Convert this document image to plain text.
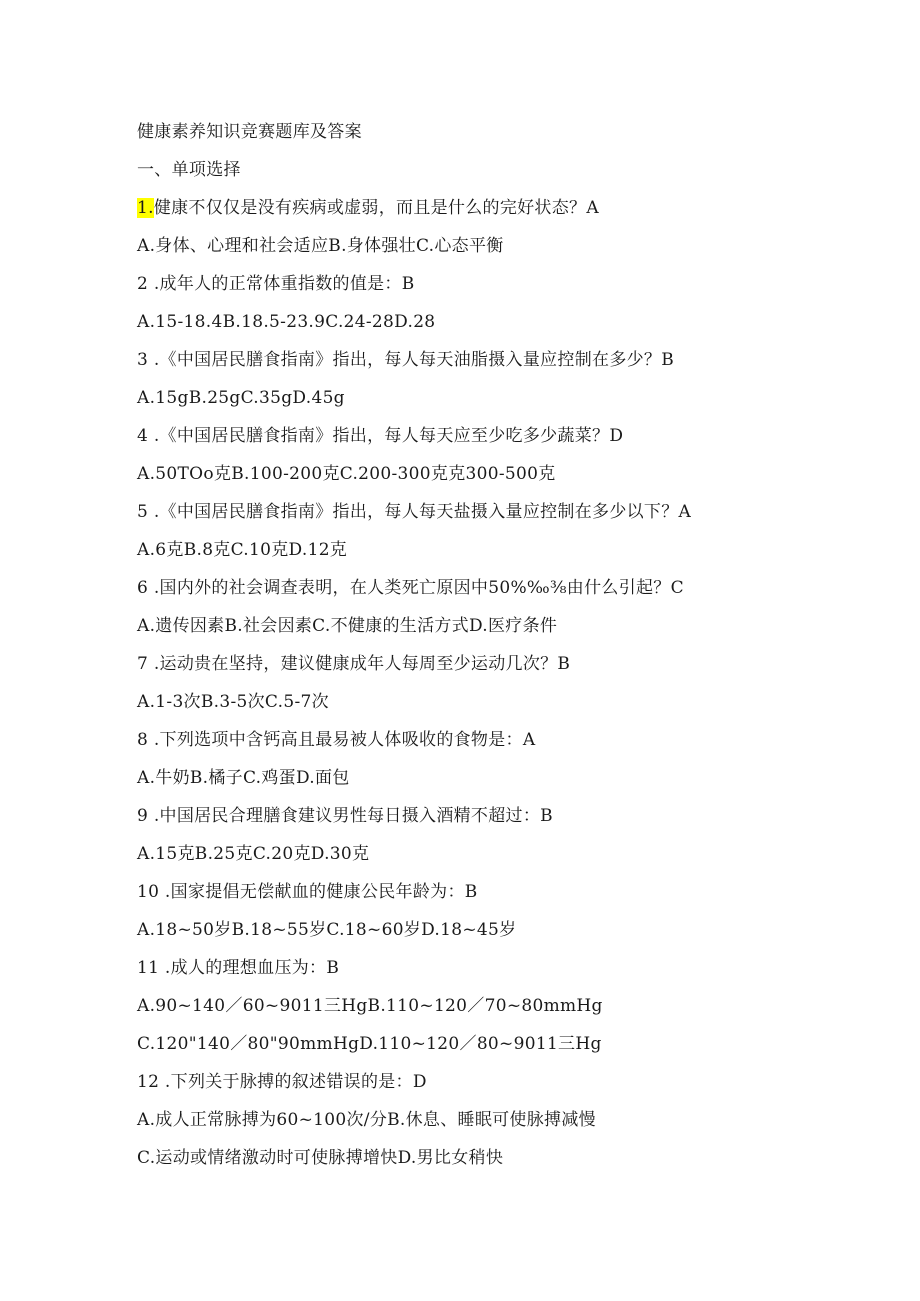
健康素养知识竞赛题库及答案
一、单项选择
1.健康不仅仅是没有疾病或虚弱，而且是什么的完好状态？A
A.身体、心理和社会适应B.身体强壮C.心态平衡
2 .成年人的正常体重指数的值是：B
A.15-18.4B.18.5-23.9C.24-28D.28
3 .《中国居民膳食指南》指出，每人每天油脂摄入量应控制在多少？B
A.15gB.25gC.35gD.45g
4 .《中国居民膳食指南》指出，每人每天应至少吃多少蔬菜？D
A.50TOo克B.100-200克C.200-300克克300-500克
5 .《中国居民膳食指南》指出，每人每天盐摄入量应控制在多少以下？A
A.6克B.8克C.10克D.12克
6 .国内外的社会调查表明，在人类死亡原因中50%‰⅜由什么引起？C
A.遗传因素B.社会因素C.不健康的生活方式D.医疗条件
7 .运动贵在坚持，建议健康成年人每周至少运动几次？B
A.1-3次B.3-5次C.5-7次
8 .下列选项中含钙高且最易被人体吸收的食物是：A
A.牛奶B.橘子C.鸡蛋D.面包
9 .中国居民合理膳食建议男性每日摄入酒精不超过：B
A.15克B.25克C.20克D.30克
10 .国家提倡无偿献血的健康公民年龄为：B
A.18~50岁B.18~55岁C.18~60岁D.18~45岁
11 .成人的理想血压为：B
A.90~140／60~9011三HgB.110~120／70~80mmHg
C.120"140／80"90mmHgD.110~120／80~9011三Hg
12 .下列关于脉搏的叙述错误的是：D
A.成人正常脉搏为60~100次/分B.休息、睡眠可使脉搏减慢
C.运动或情绪激动时可使脉搏增快D.男比女稍快
